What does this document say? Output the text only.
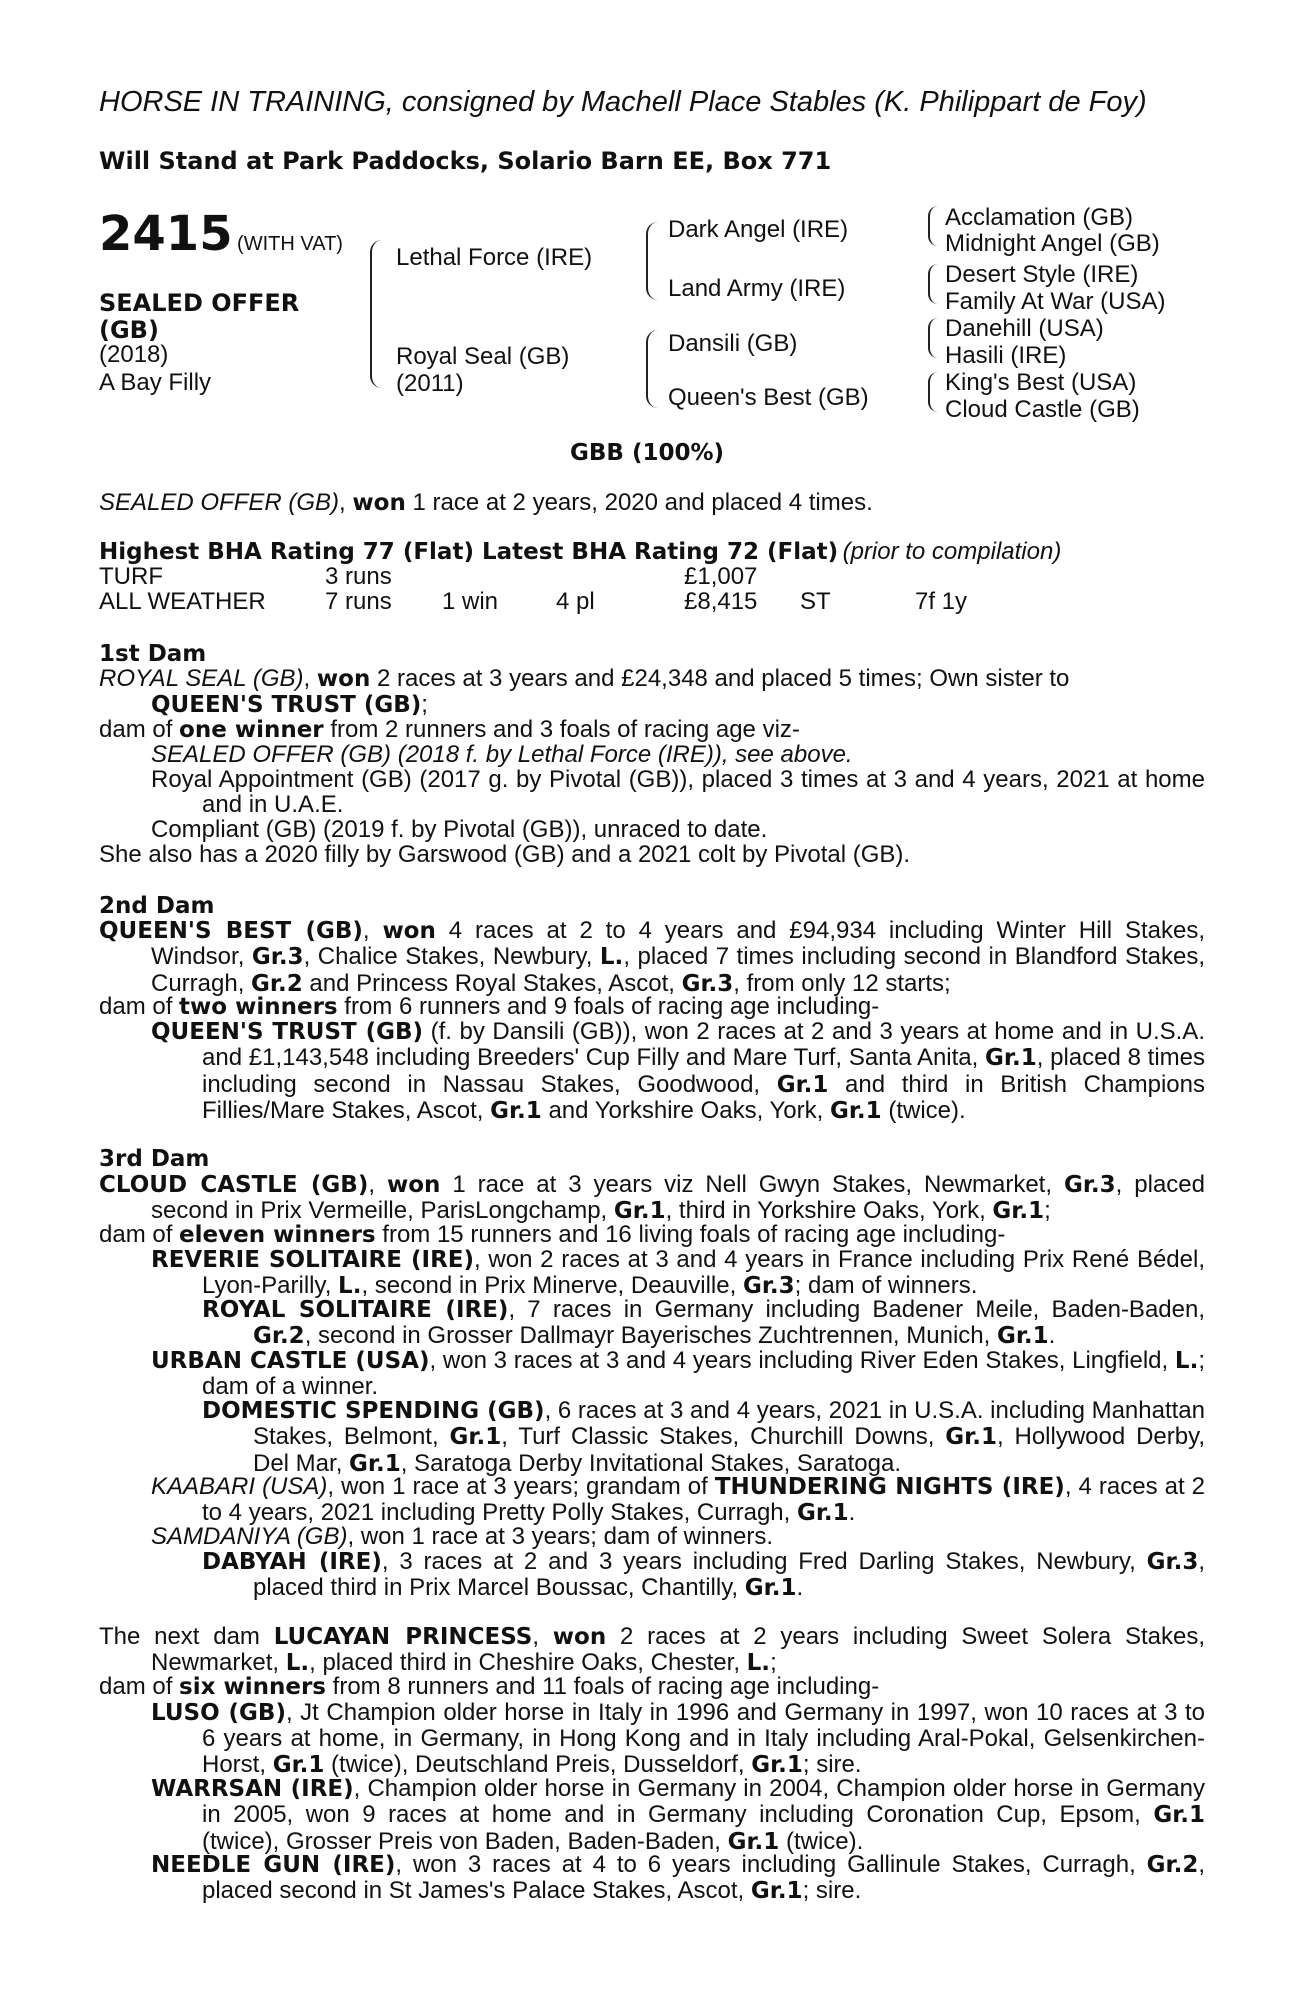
HORSE IN TRAINING, consigned by Machell Place Stables (K. Philippart de Foy)
Will Stand at Park Paddocks, Solario Barn EE, Box 771
2415 (WITH VAT)
SEALED OFFER
(GB)
(2018)
A Bay Filly
Lethal Force (IRE)
Royal Seal (GB)
(2011)
Dark Angel (IRE)
Land Army (IRE)
Dansili (GB)
Queen's Best (GB)
Acclamation (GB)
Midnight Angel (GB)
Desert Style (IRE)
Family At War (USA)
Danehill (USA)
Hasili (IRE)
King's Best (USA)
Cloud Castle (GB)
GBB (100%)
SEALED OFFER (GB), won 1 race at 2 years, 2020 and placed 4 times.
Highest BHA Rating 77 (Flat) Latest BHA Rating 72 (Flat) (prior to compilation)
TURF	3 runs	£1,007
ALL WEATHER 7 runs 1 win 4 pl	£8,415 ST	7f 1y
1st Dam
ROYAL SEAL (GB), won 2 races at 3 years and £24,348 and placed 5 times; Own sister to
QUEEN'S TRUST (GB);
dam of one winner from 2 runners and 3 foals of racing age viz-
SEALED OFFER (GB) (2018 f. by Lethal Force (IRE)), see above.
Royal Appointment (GB) (2017 g. by Pivotal (GB)), placed 3 times at 3 and 4 years, 2021 at home and in U.A.E.
Compliant (GB) (2019 f. by Pivotal (GB)), unraced to date.
She also has a 2020 filly by Garswood (GB) and a 2021 colt by Pivotal (GB).
2nd Dam
QUEEN'S BEST (GB), won 4 races at 2 to 4 years and £94,934 including Winter Hill Stakes, Windsor, Gr.3, Chalice Stakes, Newbury, L., placed 7 times including second in Blandford Stakes, Curragh, Gr.2 and Princess Royal Stakes, Ascot, Gr.3, from only 12 starts;
dam of two winners from 6 runners and 9 foals of racing age including-
QUEEN'S TRUST (GB) (f. by Dansili (GB)), won 2 races at 2 and 3 years at home and in U.S.A. and £1,143,548 including Breeders' Cup Filly and Mare Turf, Santa Anita, Gr.1, placed 8 times including second in Nassau Stakes, Goodwood, Gr.1 and third in British Champions Fillies/Mare Stakes, Ascot, Gr.1 and Yorkshire Oaks, York, Gr.1 (twice).
3rd Dam
CLOUD CASTLE (GB), won 1 race at 3 years viz Nell Gwyn Stakes, Newmarket, Gr.3, placed second in Prix Vermeille, ParisLongchamp, Gr.1, third in Yorkshire Oaks, York, Gr.1;
dam of eleven winners from 15 runners and 16 living foals of racing age including-
REVERIE SOLITAIRE (IRE), won 2 races at 3 and 4 years in France including Prix René Bédel, Lyon-Parilly, L., second in Prix Minerve, Deauville, Gr.3; dam of winners.
ROYAL SOLITAIRE (IRE), 7 races in Germany including Badener Meile, Baden-Baden, Gr.2, second in Grosser Dallmayr Bayerisches Zuchtrennen, Munich, Gr.1.
URBAN CASTLE (USA), won 3 races at 3 and 4 years including River Eden Stakes, Lingfield, L.; dam of a winner.
DOMESTIC SPENDING (GB), 6 races at 3 and 4 years, 2021 in U.S.A. including Manhattan Stakes, Belmont, Gr.1, Turf Classic Stakes, Churchill Downs, Gr.1, Hollywood Derby, Del Mar, Gr.1, Saratoga Derby Invitational Stakes, Saratoga.
KAABARI (USA), won 1 race at 3 years; grandam of THUNDERING NIGHTS (IRE), 4 races at 2 to 4 years, 2021 including Pretty Polly Stakes, Curragh, Gr.1.
SAMDANIYA (GB), won 1 race at 3 years; dam of winners.
DABYAH (IRE), 3 races at 2 and 3 years including Fred Darling Stakes, Newbury, Gr.3, placed third in Prix Marcel Boussac, Chantilly, Gr.1.
The next dam LUCAYAN PRINCESS, won 2 races at 2 years including Sweet Solera Stakes, Newmarket, L., placed third in Cheshire Oaks, Chester, L.;
dam of six winners from 8 runners and 11 foals of racing age including-
LUSO (GB), Jt Champion older horse in Italy in 1996 and Germany in 1997, won 10 races at 3 to 6 years at home, in Germany, in Hong Kong and in Italy including Aral-Pokal, Gelsenkirchen-Horst, Gr.1 (twice), Deutschland Preis, Dusseldorf, Gr.1; sire.
WARRSAN (IRE), Champion older horse in Germany in 2004, Champion older horse in Germany in 2005, won 9 races at home and in Germany including Coronation Cup, Epsom, Gr.1 (twice), Grosser Preis von Baden, Baden-Baden, Gr.1 (twice).
NEEDLE GUN (IRE), won 3 races at 4 to 6 years including Gallinule Stakes, Curragh, Gr.2, placed second in St James's Palace Stakes, Ascot, Gr.1; sire.
